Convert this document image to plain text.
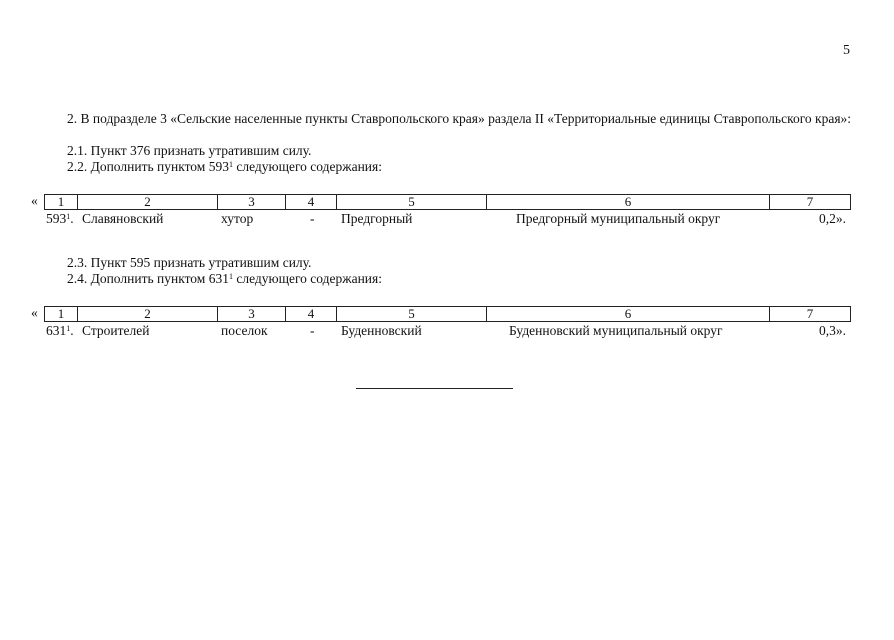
5

2. В подразделе 3 «Сельские населенные пункты Ставропольского края» раздела II «Территориальные единицы Ставропольского края»:

2.1. Пункт 376 признать утратившим силу.
2.2. Дополнить пунктом $593^1$ следующего содержания:
«	1	2	3	4	5	6	7
$593^1$. Славяновский	хутор	- Предгорный	Предгорный муниципальный округ	0,2».
2.3. Пункт 595 признать утратившим силу.
2.4. Дополнить пунктом $631^1$ следующего содержания:
«	1	2	3	4	5	6	7
$631^1$. Строителей	поселок	- Буденновский	Буденновский муниципальный округ	0,3».
